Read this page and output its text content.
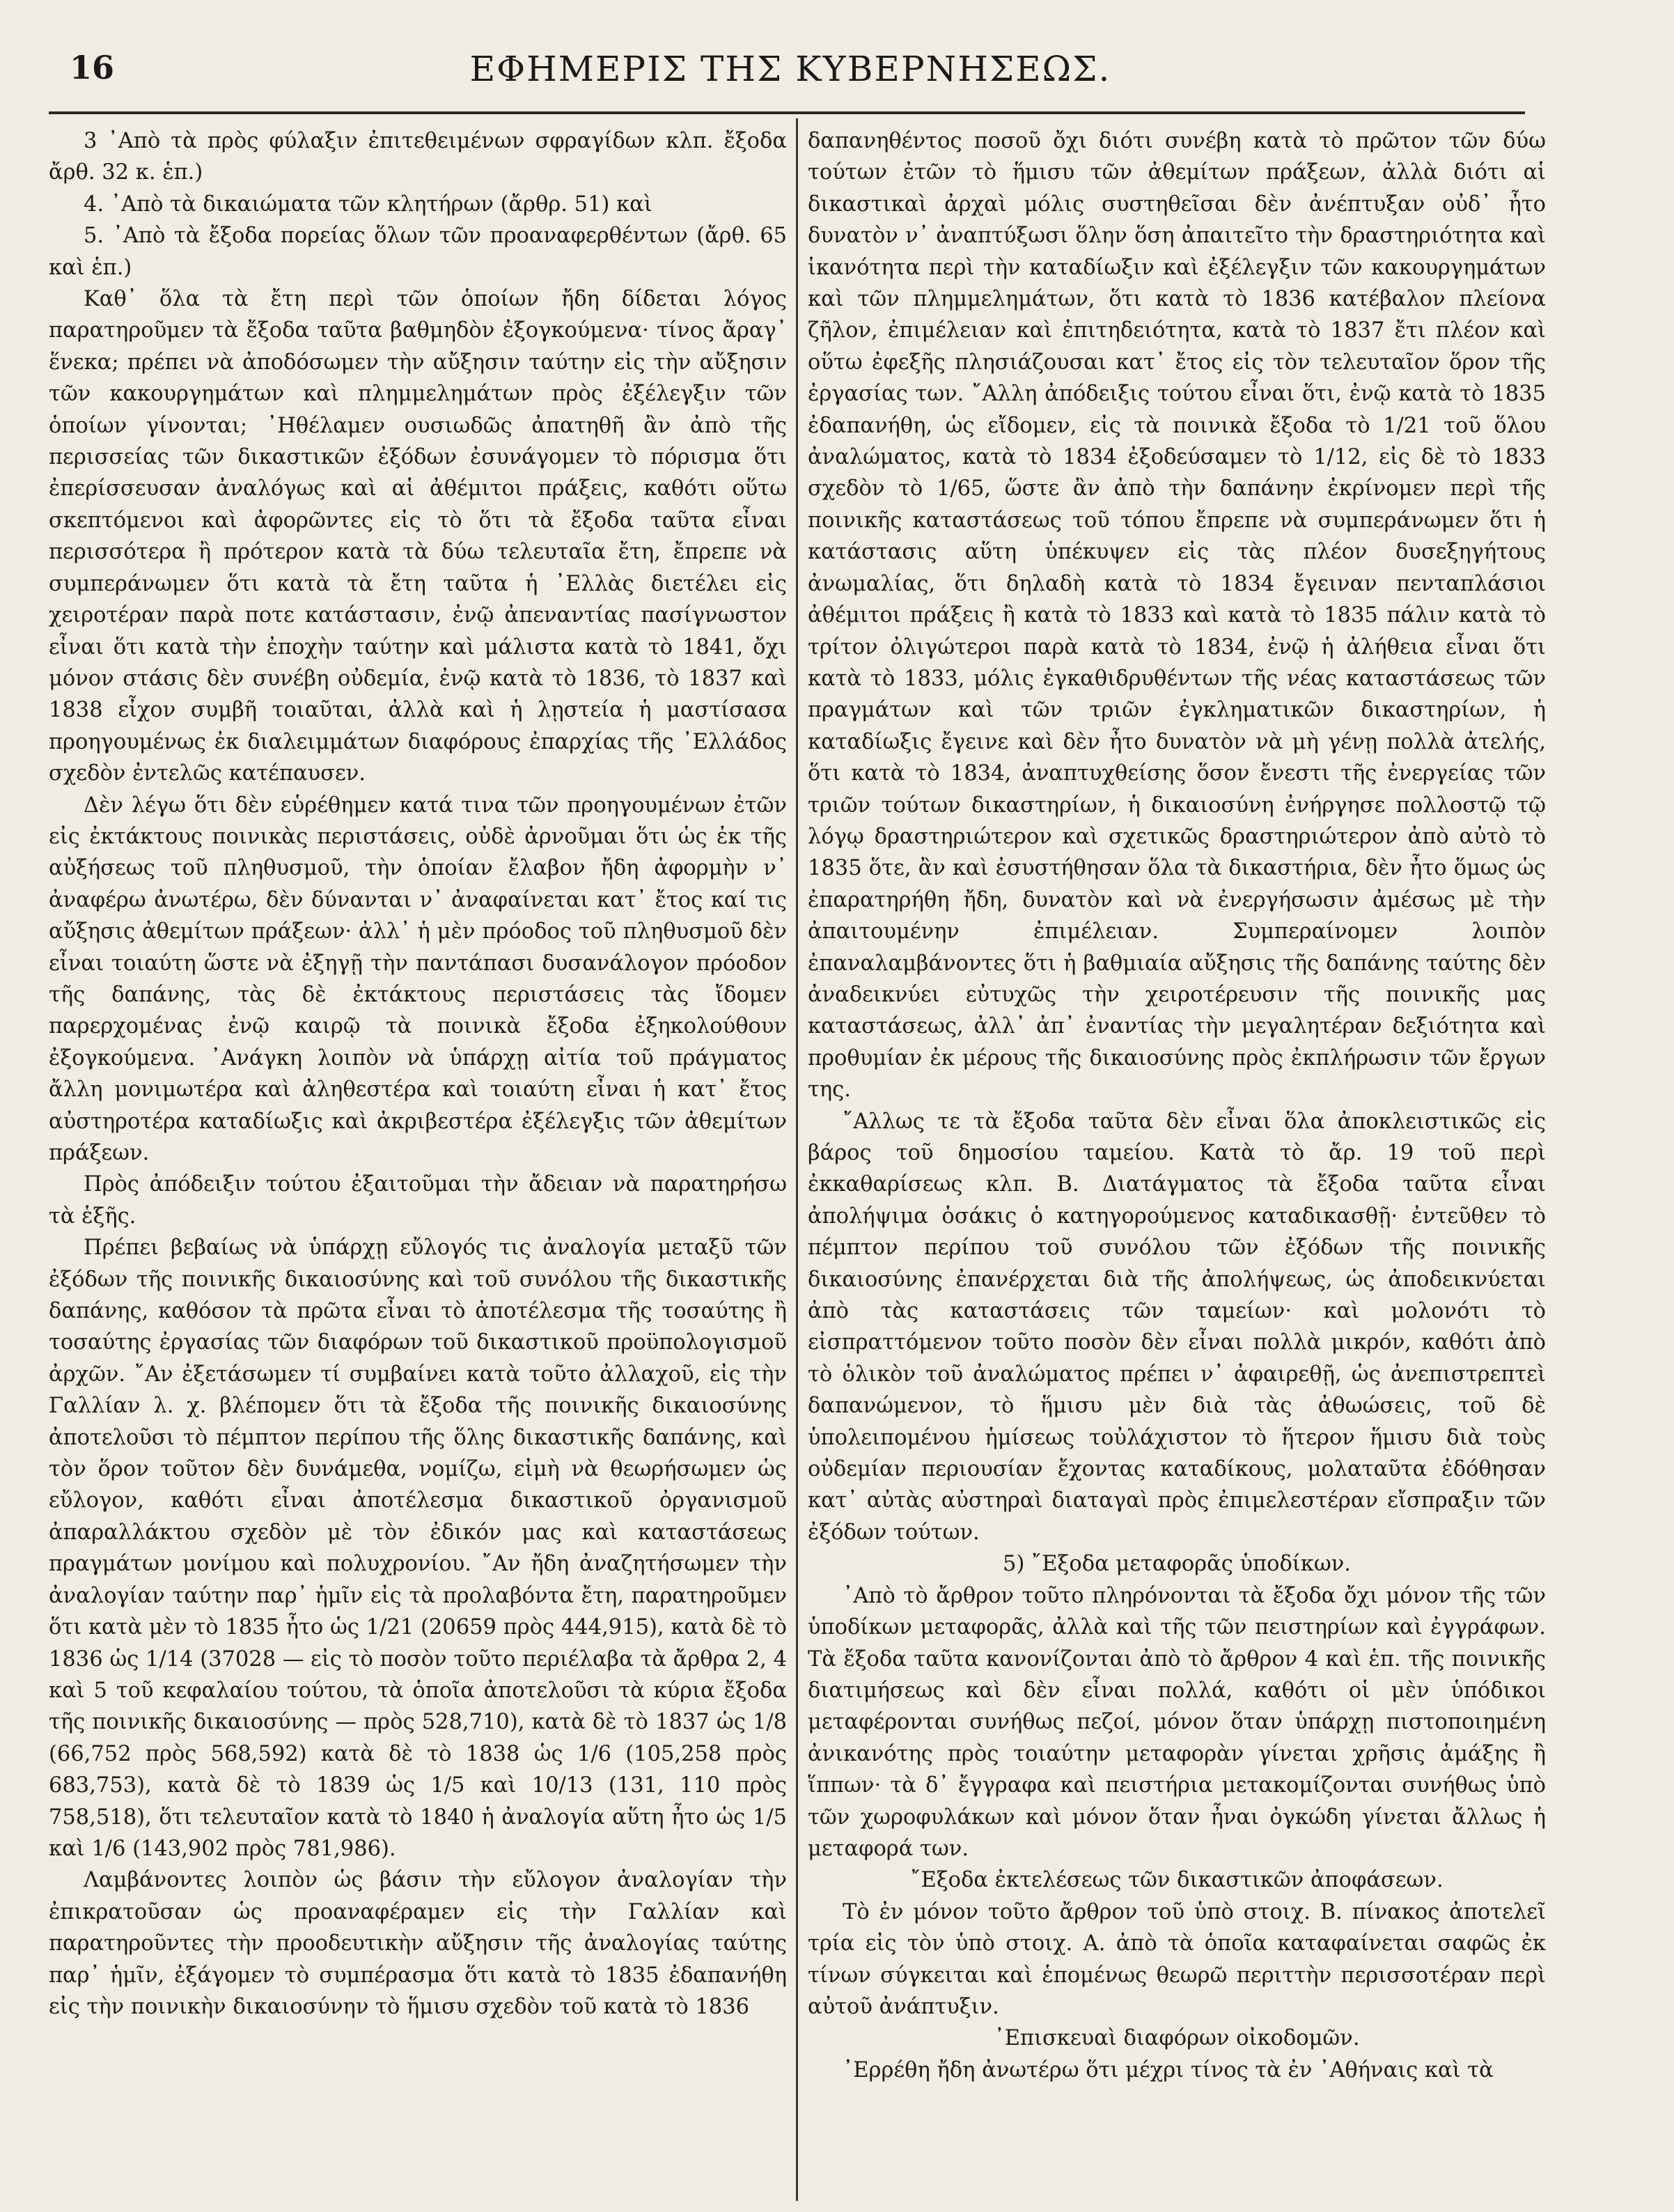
16	ΕΦΗΜΕΡΙΣ ΤΗΣ ΚΥΒΕΡΝΗΣΕΩΣ.

3 ᾽Απὸ τὰ πρὸς φύλαξιν ἐπιτεθειμένων σφραγίδων κλπ. ἔξοδα ἄρθ. 32 κ. ἑπ.)

4. ᾽Απὸ τὰ δικαιώματα τῶν κλητήρων (ἄρθρ. 51) καὶ

5. ᾽Απὸ τὰ ἔξοδα πορείας ὅλων τῶν προαναφερθέντων (ἄρθ. 65 καὶ ἑπ.)

Καθ᾽ ὅλα τὰ ἔτη περὶ τῶν ὁποίων ἤδη δίδεται λόγος παρατηροῦμεν τὰ ἔξοδα ταῦτα βαθμηδὸν ἐξογκούμενα· τίνος ἄραγ᾽ ἕνεκα; πρέπει νὰ ἀποδόσωμεν τὴν αὔξησιν ταύτην εἰς τὴν αὔξησιν τῶν κακουργημάτων καὶ πλημμελημάτων πρὸς ἐξέλεγξιν τῶν ὁποίων γίνονται; ᾽Ηθέλαμεν ουσιωδῶς ἀπατηθῆ ἂν ἀπὸ τῆς περισσείας τῶν δικαστικῶν ἐξόδων ἐσυνάγομεν τὸ πόρισμα ὅτι ἐπερίσσευσαν ἀναλόγως καὶ αἱ ἀθέμιτοι πράξεις, καθότι οὕτω σκεπτόμενοι καὶ ἀφορῶντες εἰς τὸ ὅτι τὰ ἔξοδα ταῦτα εἶναι περισσότερα ἢ πρότερον κατὰ τὰ δύω τελευταῖα ἔτη, ἔπρεπε νὰ συμπεράνωμεν ὅτι κατὰ τὰ ἔτη ταῦτα ἡ ᾽Ελλὰς διετέλει εἰς χειροτέραν παρὰ ποτε κατάστασιν, ἐνῷ ἀπεναντίας πασίγνωστον εἶναι ὅτι κατὰ τὴν ἐποχὴν ταύτην καὶ μάλιστα κατὰ τὸ 1841, ὄχι μόνον στάσις δὲν συνέβη οὐδεμία, ἐνῷ κατὰ τὸ 1836, τὸ 1837 καὶ 1838 εἶχον συμβῆ τοιαῦται, ἀλλὰ καὶ ἡ λῃστεία ἡ μαστίσασα προηγουμένως ἐκ διαλειμμάτων διαφόρους ἐπαρχίας τῆς ᾽Ελλάδος σχεδὸν ἐντελῶς κατέπαυσεν.

Δὲν λέγω ὅτι δὲν εὑρέθημεν κατά τινα τῶν προηγουμένων ἐτῶν εἰς ἐκτάκτους ποινικὰς περιστάσεις, οὐδὲ ἀρνοῦμαι ὅτι ὡς ἐκ τῆς αὐξήσεως τοῦ πληθυσμοῦ, τὴν ὁποίαν ἔλαβον ἤδη ἀφορμὴν ν᾽ ἀναφέρω ἀνωτέρω, δὲν δύνανται ν᾽ ἀναφαίνεται κατ᾽ ἔτος καί τις αὔξησις ἀθεμίτων πράξεων· ἀλλ᾽ ἡ μὲν πρόοδος τοῦ πληθυσμοῦ δὲν εἶναι τοιαύτη ὥστε νὰ ἐξηγῇ τὴν παντάπασι δυσανάλογον πρόοδον τῆς δαπάνης, τὰς δὲ ἐκτάκτους περιστάσεις τὰς ἴδομεν παρερχομένας ἐνῷ καιρῷ τὰ ποινικὰ ἔξοδα ἐξηκολούθουν ἐξογκούμενα. ᾽Ανάγκη λοιπὸν νὰ ὑπάρχῃ αἰτία τοῦ πράγματος ἄλλη μονιμωτέρα καὶ ἀληθεστέρα καὶ τοιαύτη εἶναι ἡ κατ᾽ ἔτος αὐστηροτέρα καταδίωξις καὶ ἀκριβεστέρα ἐξέλεγξις τῶν ἀθεμίτων πράξεων.

Πρὸς ἀπόδειξιν τούτου ἐξαιτοῦμαι τὴν ἄδειαν νὰ παρατηρήσω τὰ ἑξῆς.

Πρέπει βεβαίως νὰ ὑπάρχῃ εὔλογός τις ἀναλογία μεταξῦ τῶν ἐξόδων τῆς ποινικῆς δικαιοσύνης καὶ τοῦ συνόλου τῆς δικαστικῆς δαπάνης, καθόσον τὰ πρῶτα εἶναι τὸ ἀποτέλεσμα τῆς τοσαύτης ἢ τοσαύτης ἐργασίας τῶν διαφόρων τοῦ δικαστικοῦ προϋπολογισμοῦ ἀρχῶν. ῎Αν ἐξετάσωμεν τί συμβαίνει κατὰ τοῦτο ἀλλαχοῦ, εἰς τὴν Γαλλίαν λ. χ. βλέπομεν ὅτι τὰ ἔξοδα τῆς ποινικῆς δικαιοσύνης ἀποτελοῦσι τὸ πέμπτον περίπου τῆς ὅλης δικαστικῆς δαπάνης, καὶ τὸν ὅρον τοῦτον δὲν δυνάμεθα, νομίζω, εἰμὴ νὰ θεωρήσωμεν ὡς εὔλογον, καθότι εἶναι ἀποτέλεσμα δικαστικοῦ ὀργανισμοῦ ἀπαραλλάκτου σχεδὸν μὲ τὸν ἐδικόν μας καὶ καταστάσεως πραγμάτων μονίμου καὶ πολυχρονίου. ῎Αν ἤδη ἀναζητήσωμεν τὴν ἀναλογίαν ταύτην παρ᾽ ἡμῖν εἰς τὰ προλαβόντα ἔτη, παρατηροῦμεν ὅτι κατὰ μὲν τὸ 1835 ἦτο ὡς 1/21 (20659 πρὸς 444,915), κατὰ δὲ τὸ 1836 ὡς 1/14 (37028 — εἰς τὸ ποσὸν τοῦτο περιέλαβα τὰ ἄρθρα 2, 4 καὶ 5 τοῦ κεφαλαίου τούτου, τὰ ὁποῖα ἀποτελοῦσι τὰ κύρια ἔξοδα τῆς ποινικῆς δικαιοσύνης — πρὸς 528,710), κατὰ δὲ τὸ 1837 ὡς 1/8 (66,752 πρὸς 568,592) κατὰ δὲ τὸ 1838 ὡς 1/6 (105,258 πρὸς 683,753), κατὰ δὲ τὸ 1839 ὡς 1/5 καὶ 10/13 (131, 110 πρὸς 758,518), ὅτι τελευταῖον κατὰ τὸ 1840 ἡ ἀναλογία αὕτη ἦτο ὡς 1/5 καὶ 1/6 (143,902 πρὸς 781,986).

Λαμβάνοντες λοιπὸν ὡς βάσιν τὴν εὔλογον ἀναλογίαν τὴν ἐπικρατοῦσαν ὡς προαναφέραμεν εἰς τὴν Γαλλίαν καὶ παρατηροῦντες τὴν προοδευτικὴν αὔξησιν τῆς ἀναλογίας ταύτης παρ᾽ ἡμῖν, ἐξάγομεν τὸ συμπέρασμα ὅτι κατὰ τὸ 1835 ἐδαπανήθη εἰς τὴν ποινικὴν δικαιοσύνην τὸ ἥμισυ σχεδὸν τοῦ κατὰ τὸ 1836

δαπανηθέντος ποσοῦ ὄχι διότι συνέβη κατὰ τὸ πρῶτον τῶν δύω τούτων ἐτῶν τὸ ἥμισυ τῶν ἀθεμίτων πράξεων, ἀλλὰ διότι αἱ δικαστικαὶ ἀρχαὶ μόλις συστηθεῖσαι δὲν ἀνέπτυξαν οὐδ᾽ ἦτο δυνατὸν ν᾽ ἀναπτύξωσι ὅλην ὅση ἀπαιτεῖτο τὴν δραστηριότητα καὶ ἱκανότητα περὶ τὴν καταδίωξιν καὶ ἐξέλεγξιν τῶν κακουργημάτων καὶ τῶν πλημμελημάτων, ὅτι κατὰ τὸ 1836 κατέβαλον πλείονα ζῆλον, ἐπιμέλειαν καὶ ἐπιτηδειότητα, κατὰ τὸ 1837 ἔτι πλέον καὶ οὕτω ἐφεξῆς πλησιάζουσαι κατ᾽ ἔτος εἰς τὸν τελευταῖον ὅρον τῆς ἐργασίας των. ῎Αλλη ἀπόδειξις τούτου εἶναι ὅτι, ἐνῷ κατὰ τὸ 1835 ἐδαπανήθη, ὡς εἴδομεν, εἰς τὰ ποινικὰ ἔξοδα τὸ 1/21 τοῦ ὅλου ἀναλώματος, κατὰ τὸ 1834 ἐξοδεύσαμεν τὸ 1/12, εἰς δὲ τὸ 1833 σχεδὸν τὸ 1/65, ὥστε ἂν ἀπὸ τὴν δαπάνην ἐκρίνομεν περὶ τῆς ποινικῆς καταστάσεως τοῦ τόπου ἔπρεπε νὰ συμπεράνωμεν ὅτι ἡ κατάστασις αὕτη ὑπέκυψεν εἰς τὰς πλέον δυσεξηγήτους ἀνωμαλίας, ὅτι δηλαδὴ κατὰ τὸ 1834 ἔγειναν πενταπλάσιοι ἀθέμιτοι πράξεις ἢ κατὰ τὸ 1833 καὶ κατὰ τὸ 1835 πάλιν κατὰ τὸ τρίτον ὀλιγώτεροι παρὰ κατὰ τὸ 1834, ἐνῷ ἡ ἀλήθεια εἶναι ὅτι κατὰ τὸ 1833, μόλις ἐγκαθιδρυθέντων τῆς νέας καταστάσεως τῶν πραγμάτων καὶ τῶν τριῶν ἐγκληματικῶν δικαστηρίων, ἡ καταδίωξις ἔγεινε καὶ δὲν ἦτο δυνατὸν νὰ μὴ γένῃ πολλὰ ἀτελής, ὅτι κατὰ τὸ 1834, ἀναπτυχθείσης ὅσον ἔνεστι τῆς ἐνεργείας τῶν τριῶν τούτων δικαστηρίων, ἡ δικαιοσύνη ἐνήργησε πολλοστῷ τῷ λόγῳ δραστηριώτερον καὶ σχετικῶς δραστηριώτερον ἀπὸ αὐτὸ τὸ 1835 ὅτε, ἂν καὶ ἐσυστήθησαν ὅλα τὰ δικαστήρια, δὲν ἦτο ὅμως ὡς ἐπαρατηρήθη ἤδη, δυνατὸν καὶ νὰ ἐνεργήσωσιν ἀμέσως μὲ τὴν ἀπαιτουμένην ἐπιμέλειαν. Συμπεραίνομεν λοιπὸν ἐπαναλαμβάνοντες ὅτι ἡ βαθμιαία αὔξησις τῆς δαπάνης ταύτης δὲν ἀναδεικνύει εὐτυχῶς τὴν χειροτέρευσιν τῆς ποινικῆς μας καταστάσεως, ἀλλ᾽ ἀπ᾽ ἐναντίας τὴν μεγαλητέραν δεξιότητα καὶ προθυμίαν ἐκ μέρους τῆς δικαιοσύνης πρὸς ἐκπλήρωσιν τῶν ἔργων της.

῎Αλλως τε τὰ ἔξοδα ταῦτα δὲν εἶναι ὅλα ἀποκλειστικῶς εἰς βάρος τοῦ δημοσίου ταμείου. Κατὰ τὸ ἄρ. 19 τοῦ περὶ ἐκκαθαρίσεως κλπ. Β. Διατάγματος τὰ ἔξοδα ταῦτα εἶναι ἀπολήψιμα ὁσάκις ὁ κατηγορούμενος καταδικασθῇ· ἐντεῦθεν τὸ πέμπτον περίπου τοῦ συνόλου τῶν ἐξόδων τῆς ποινικῆς δικαιοσύνης ἐπανέρχεται διὰ τῆς ἀπολήψεως, ὡς ἀποδεικνύεται ἀπὸ τὰς καταστάσεις τῶν ταμείων· καὶ μολονότι τὸ εἰσπραττόμενον τοῦτο ποσὸν δὲν εἶναι πολλὰ μικρόν, καθότι ἀπὸ τὸ ὁλικὸν τοῦ ἀναλώματος πρέπει ν᾽ ἀφαιρεθῇ, ὡς ἀνεπιστρεπτεὶ δαπανώμενον, τὸ ἥμισυ μὲν διὰ τὰς ἀθωώσεις, τοῦ δὲ ὑπολειπομένου ἡμίσεως τοὐλάχιστον τὸ ἥτερον ἥμισυ διὰ τοὺς οὐδεμίαν περιουσίαν ἔχοντας καταδίκους, μολαταῦτα ἐδόθησαν κατ᾽ αὐτὰς αὐστηραὶ διαταγαὶ πρὸς ἐπιμελεστέραν εἴσπραξιν τῶν ἐξόδων τούτων.

5) ῎Εξοδα μεταφορᾶς ὑποδίκων.

᾽Απὸ τὸ ἄρθρον τοῦτο πληρόνονται τὰ ἔξοδα ὄχι μόνον τῆς τῶν ὑποδίκων μεταφορᾶς, ἀλλὰ καὶ τῆς τῶν πειστηρίων καὶ ἐγγράφων. Τὰ ἔξοδα ταῦτα κανονίζονται ἀπὸ τὸ ἄρθρον 4 καὶ ἑπ. τῆς ποινικῆς διατιμήσεως καὶ δὲν εἶναι πολλά, καθότι οἱ μὲν ὑπόδικοι μεταφέρονται συνήθως πεζοί, μόνον ὅταν ὑπάρχῃ πιστοποιημένη ἀνικανότης πρὸς τοιαύτην μεταφορὰν γίνεται χρῆσις ἁμάξης ἢ ἵππων· τὰ δ᾽ ἔγγραφα καὶ πειστήρια μετακομίζονται συνήθως ὑπὸ τῶν χωροφυλάκων καὶ μόνον ὅταν ἦναι ὀγκώδη γίνεται ἄλλως ἡ μεταφορά των.

῎Εξοδα ἐκτελέσεως τῶν δικαστικῶν ἀποφάσεων.

Τὸ ἐν μόνον τοῦτο ἄρθρον τοῦ ὑπὸ στοιχ. Β. πίνακος ἀποτελεῖ τρία εἰς τὸν ὑπὸ στοιχ. Α. ἀπὸ τὰ ὁποῖα καταφαίνεται σαφῶς ἐκ τίνων σύγκειται καὶ ἑπομένως θεωρῶ περιττὴν περισσοτέραν περὶ αὐτοῦ ἀνάπτυξιν.

᾽Επισκευαὶ διαφόρων οἰκοδομῶν.

᾽Ερρέθη ἤδη ἀνωτέρω ὅτι μέχρι τίνος τὰ ἐν ᾽Αθήναις καὶ τὰ
